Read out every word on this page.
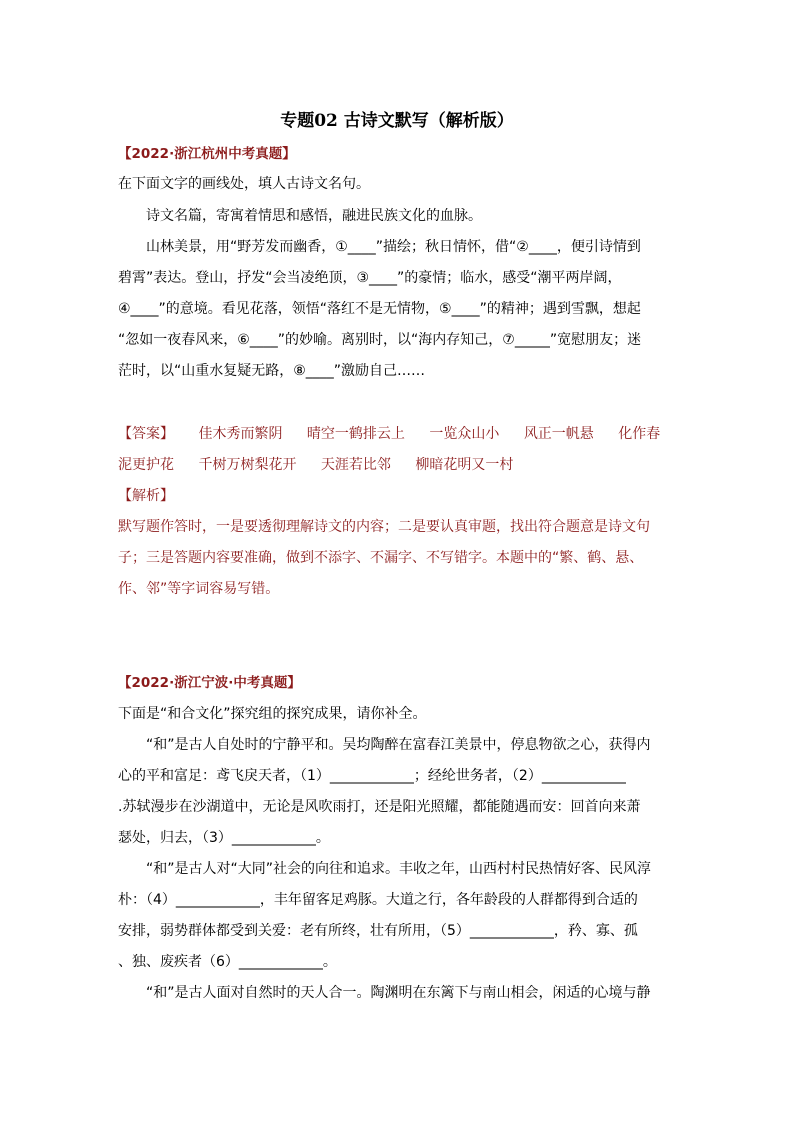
专题02 古诗文默写（解析版）
【2022·浙江杭州中考真题】
在下面文字的画线处，填人古诗文名句。
诗文名篇，寄寓着情思和感悟，融进民族文化的血脉。
山林美景，用“野芳发而幽香，①____”描绘；秋日情怀，借“②____，便引诗情到
碧霄”表达。登山，抒发“会当凌绝顶，③____”的豪情；临水，感受“潮平两岸阔，
④____”的意境。看见花落，领悟“落红不是无情物，⑤____”的精神；遇到雪飘，想起
“忽如一夜春风来，⑥____”的妙喻。离别时，以“海内存知己，⑦_____”宽慰朋友；迷
茫时，以“山重水复疑无路，⑧____”激励自己……
【答案】 佳木秀而繁阴 晴空一鹤排云上 一览众山小 风正一帆悬 化作春
泥更护花 千树万树梨花开 天涯若比邻 柳暗花明又一村
【解析】
默写题作答时，一是要透彻理解诗文的内容；二是要认真审题，找出符合题意是诗文句
子；三是答题内容要准确，做到不添字、不漏字、不写错字。本题中的“繁、鹤、悬、
作、邻”等字词容易写错。
【2022·浙江宁波·中考真题】
下面是“和合文化”探究组的探究成果，请你补全。
“和”是古人自处时的宁静平和。吴均陶醉在富春江美景中，停息物欲之心，获得内
心的平和富足：鸢飞戾天者，（1）____________；经纶世务者，（2）____________
.苏轼漫步在沙湖道中，无论是风吹雨打，还是阳光照耀，都能随遇而安：回首向来萧
瑟处，归去，（3）____________。
“和”是古人对“大同”社会的向往和追求。丰收之年，山西村村民热情好客、民风淳
朴：（4）____________，丰年留客足鸡豚。大道之行，各年龄段的人群都得到合适的
安排，弱势群体都受到关爱：老有所终，壮有所用，（5）____________，矜、寡、孤
、独、废疾者（6）____________。
“和”是古人面对自然时的天人合一。陶渊明在东篱下与南山相会，闲适的心境与静
